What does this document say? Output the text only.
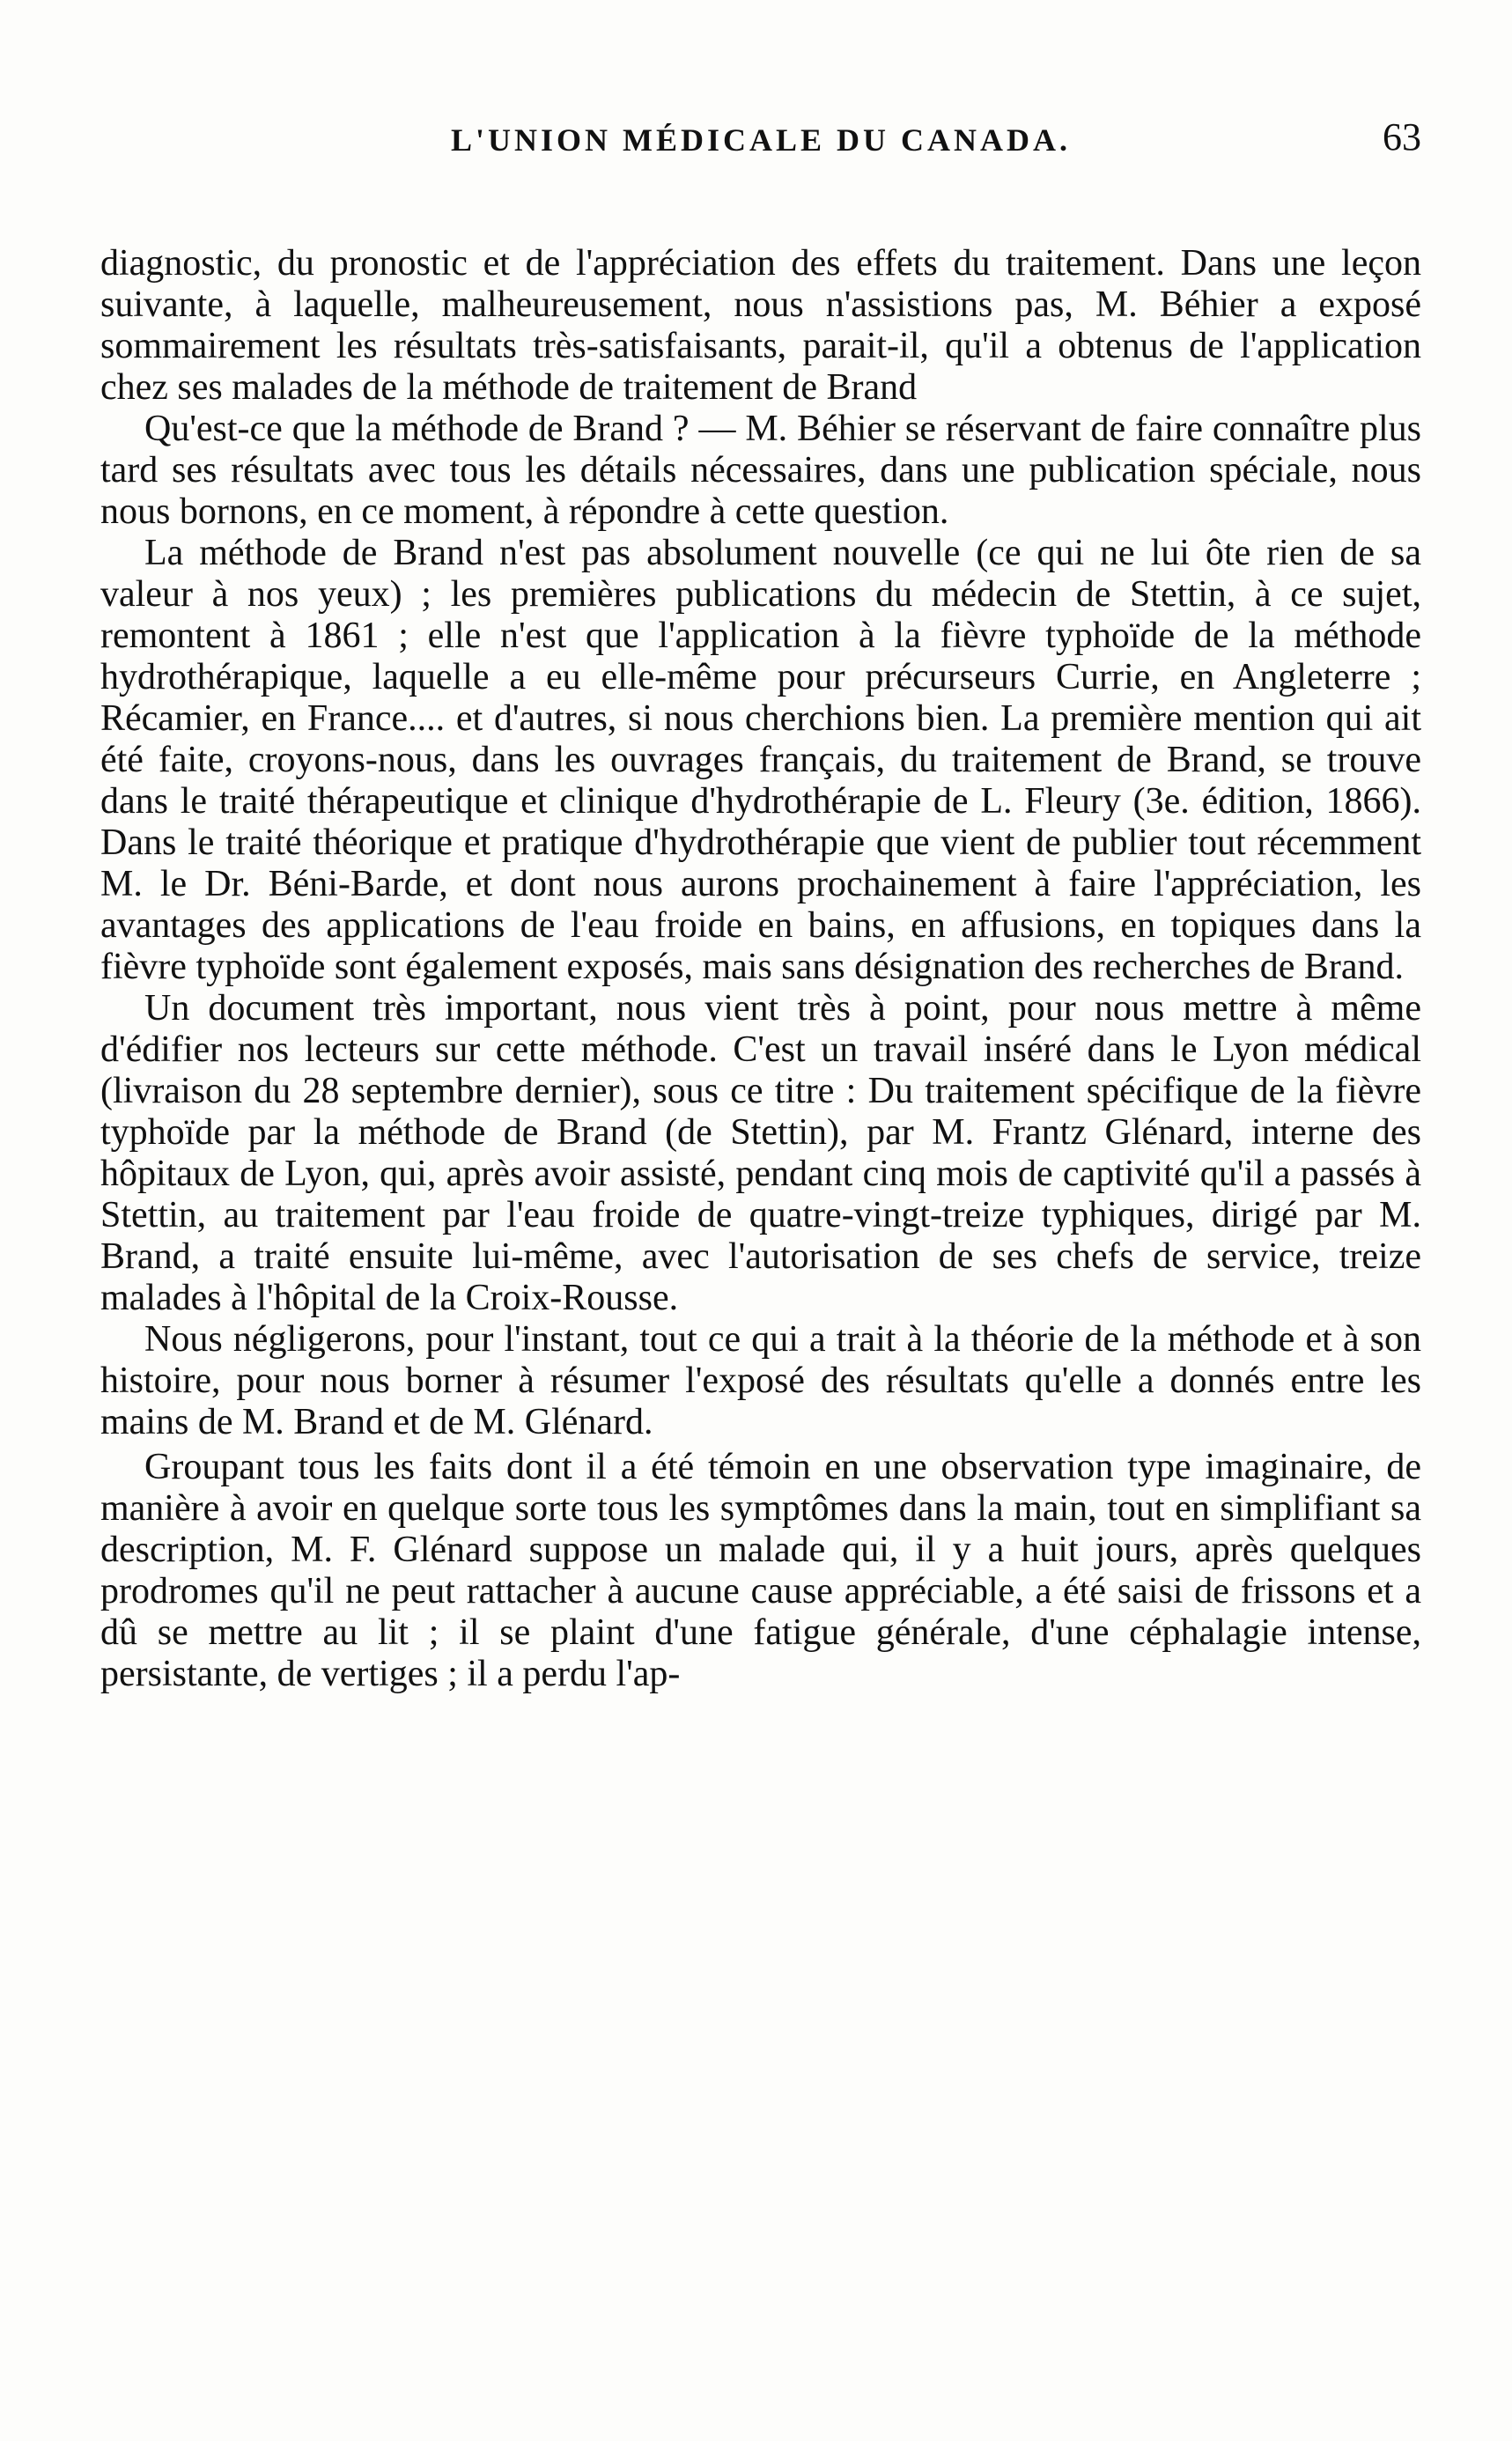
L'UNION MÉDICALE DU CANADA.	63

diagnostic, du pronostic et de l'appréciation des effets du traitement. Dans une leçon suivante, à laquelle, malheureusement, nous n'assistions pas, M. Béhier a exposé sommairement les résultats très-satisfaisants, parait-il, qu'il a obtenus de l'application chez ses malades de la méthode de traitement de Brand

Qu'est-ce que la méthode de Brand ? — M. Béhier se réservant de faire connaître plus tard ses résultats avec tous les détails nécessaires, dans une publication spéciale, nous nous bornons, en ce moment, à répondre à cette question.

La méthode de Brand n'est pas absolument nouvelle (ce qui ne lui ôte rien de sa valeur à nos yeux) ; les premières publications du médecin de Stettin, à ce sujet, remontent à 1861 ; elle n'est que l'application à la fièvre typhoïde de la méthode hydrothérapique, laquelle a eu elle-même pour précurseurs Currie, en Angleterre ; Récamier, en France.... et d'autres, si nous cherchions bien. La première mention qui ait été faite, croyons-nous, dans les ouvrages français, du traitement de Brand, se trouve dans le traité thérapeutique et clinique d'hydrothérapie de L. Fleury (3e. édition, 1866). Dans le traité théorique et pratique d'hydrothérapie que vient de publier tout récemment M. le Dr. Béni-Barde, et dont nous aurons prochainement à faire l'appréciation, les avantages des applications de l'eau froide en bains, en affusions, en topiques dans la fièvre typhoïde sont également exposés, mais sans désignation des recherches de Brand.

Un document très important, nous vient très à point, pour nous mettre à même d'édifier nos lecteurs sur cette méthode. C'est un travail inséré dans le Lyon médical (livraison du 28 septembre dernier), sous ce titre : Du traitement spécifique de la fièvre typhoïde par la méthode de Brand (de Stettin), par M. Frantz Glénard, interne des hôpitaux de Lyon, qui, après avoir assisté, pendant cinq mois de captivité qu'il a passés à Stettin, au traitement par l'eau froide de quatre-vingt-treize typhiques, dirigé par M. Brand, a traité ensuite lui-même, avec l'autorisation de ses chefs de service, treize malades à l'hôpital de la Croix-Rousse.

Nous négligerons, pour l'instant, tout ce qui a trait à la théorie de la méthode et à son histoire, pour nous borner à résumer l'exposé des résultats qu'elle a donnés entre les mains de M. Brand et de M. Glénard.

Groupant tous les faits dont il a été témoin en une observation type imaginaire, de manière à avoir en quelque sorte tous les symptômes dans la main, tout en simplifiant sa description, M. F. Glénard suppose un malade qui, il y a huit jours, après quelques prodromes qu'il ne peut rattacher à aucune cause appréciable, a été saisi de frissons et a dû se mettre au lit ; il se plaint d'une fatigue générale, d'une céphalagie intense, persistante, de vertiges ; il a perdu l'ap-
